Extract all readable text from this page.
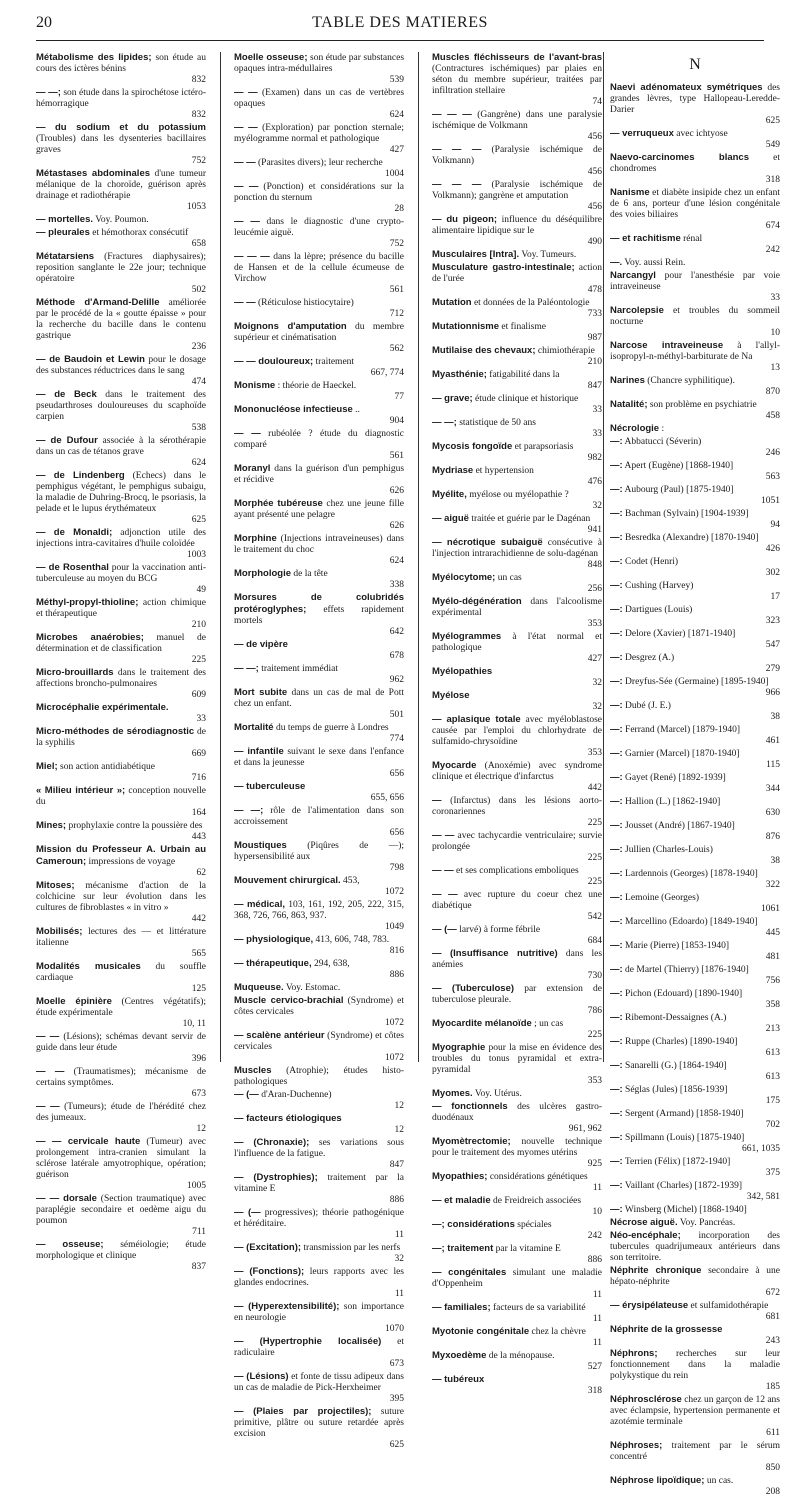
20	TABLE DES MATIERES
Métabolisme des lipides; son étude au cours des ictères bénins
832
— —; son étude dans la spirochétose ictéro-hémorragique
832
— du sodium et du potassium (Troubles) dans les dysenteries bacillaires graves
752
Métastases abdominales d'une tumeur mélanique de la choroïde, guérison après drainage et radiothérapie
1053
— mortelles. Voy. Poumon.
— pleurales et hémothorax consécutif
658
Métatarsiens (Fractures diaphysaires); reposition sanglante le 22e jour; technique opératoire
502
Méthode d'Armand-Delille améliorée par le procédé de la « goutte épaisse » pour la recherche du bacille dans le contenu gastrique
236
— de Baudoin et Lewin pour le dosage des substances réductrices dans le sang
474
— de Beck dans le traitement des pseudarthroses douloureuses du scaphoïde carpien
538
— de Dufour associée à la sérothérapie dans un cas de tétanos grave
624
— de Lindenberg (Echecs) dans le pemphigus végétant, le pemphigus subaigu, la maladie de Duhring-Brocq, le psoriasis, la pelade et le lupus érythémateux
625
— de Monaldi; adjonction utile des injections intra-cavitaires d'huile coloïdée
1003
— de Rosenthal pour la vaccination anti-tuberculeuse au moyen du BCG
49
Méthyl-propyl-thioline; action chimique et thérapeutique
210
Microbes anaérobies; manuel de détermination et de classification
225
Micro-brouillards dans le traitement des affections broncho-pulmonaires
609
Microcéphalie expérimentale.
33
Micro-méthodes de sérodiagnostic de la syphilis
669
Miel; son action antidiabétique
716
« Milieu intérieur »; conception nouvelle du
164
Mines; prophylaxie contre la poussière des
443
Mission du Professeur A. Urbain au Cameroun; impressions de voyage
62
Mitoses; mécanisme d'action de la colchicine sur leur évolution dans les cultures de fibroblastes « in vitro »
442
Mobilisés; lectures des — et littérature italienne
565
Modalités musicales du souffle cardiaque
125
Moelle épinière (Centres végétatifs); étude expérimentale
10, 11
— — (Lésions); schémas devant servir de guide dans leur étude
396
— — (Traumatismes); mécanisme de certains symptômes.
673
— — (Tumeurs); étude de l'hérédité chez des jumeaux.
12
— — cervicale haute (Tumeur) avec prolongement intra-cranien simulant la sclérose latérale amyotrophique, opération; guérison
1005
— — dorsale (Section traumatique) avec paraplégie secondaire et oedème aigu du poumon
711
— osseuse; séméiologie; étude morphologique et clinique
837
Moelle osseuse; son étude par substances opaques intra-médullaires
539
— — (Examen) dans un cas de vertèbres opaques
624
— — (Exploration) par ponction sternale; myélogramme normal et pathologique
427
— — (Parasites divers); leur recherche
1004
— — (Ponction) et considérations sur la ponction du sternum
28
— — dans le diagnostic d'une crypto-leucémie aiguë.
752
— — — dans la lèpre; présence du bacille de Hansen et de la cellule écumeuse de Virchow
561
— — (Réticulose histiocytaire)
712
Moignons d'amputation du membre supérieur et cinématisation
562
— — douloureux; traitement
667, 774
Monisme : théorie de Haeckel.
77
Mononucléose infectieuse ..
904
— — rubéolée ? étude du diagnostic comparé
561
Moranyl dans la guérison d'un pemphigus et récidive
626
Morphée tubéreuse chez une jeune fille ayant présenté une pelagre
626
Morphine (Injections intraveineuses) dans le traitement du choc
624
Morphologie de la tête
338
Morsures de colubridés protéroglyphes; effets rapidement mortels
642
— de vipère
678
— —; traitement immédiat
962
Mort subite dans un cas de mal de Pott chez un enfant.
501
Mortalité du temps de guerre à Londres
774
— infantile suivant le sexe dans l'enfance et dans la jeunesse
656
— tuberculeuse
655, 656
— —; rôle de l'alimentation dans son accroissement
656
Moustiques (Piqûres de —); hypersensibilité aux
798
Mouvement chirurgical. 453,
1072
— médical, 103, 161, 192, 205, 222, 315, 368, 726, 766, 863, 937.
1049
— physiologique, 413, 606, 748, 783.
816
— thérapeutique, 294, 638,
886
Muqueuse. Voy. Estomac.
Muscle cervico-brachial (Syndrome) et côtes cervicales
1072
— scalène antérieur (Syndrome) et côtes cervicales
1072
Muscles (Atrophie); études histo-pathologiques
— (— d'Aran-Duchenne)
12
— facteurs étiologiques
12
— (Chronaxie); ses variations sous l'influence de la fatigue.
847
— (Dystrophies); traitement par la vitamine E
886
— (— progressives); théorie pathogénique et héréditaire.
11
— (Excitation); transmission par les nerfs
32
— (Fonctions); leurs rapports avec les glandes endocrines.
11
— (Hyperextensibilité); son importance en neurologie
1070
— (Hypertrophie localisée) et radiculaire
673
— (Lésions) et fonte de tissu adipeux dans un cas de maladie de Pick-Herxheimer
395
— (Plaies par projectiles); suture primitive, plâtre ou suture retardée après excision
625
Muscles fléchisseurs de l'avant-bras (Contractures ischémiques) par plaies en séton du membre supérieur, traitées par infiltration stellaire
74
— — — (Gangrène) dans une paralysie ischémique de Volkmann
456
— — — (Paralysie ischémique de Volkmann)
456
— — — (Paralysie ischémique de Volkmann); gangrène et amputation
456
— du pigeon; influence du déséquilibre alimentaire lipidique sur le
490
Musculaires [Intra]. Voy. Tumeurs.
Musculature gastro-intestinale; action de l'urée
478
Mutation et données de la Paléontologie
733
Mutationnisme et finalisme
987
Mutilaise des chevaux; chimiothérapie
210
Myasthénie; fatigabilité dans la
847
— grave; étude clinique et historique
33
— —; statistique de 50 ans
33
Mycosis fongoïde et parapsoriasis
982
Mydriase et hypertension
476
Myélite, myélose ou myélopathie ?
32
— aiguë traitée et guérie par le Dagénan
941
— nécrotique subaiguë consécutive à l'injection intrarachidienne de solu-dagénan
848
Myélocytome; un cas
256
Myélo-dégénération dans l'alcoolisme expérimental
353
Myélogrammes à l'état normal et pathologique
427
Myélopathies
32
Myélose
32
— aplasique totale avec myéloblastose causée par l'emploi du chlorhydrate de sulfamido-chrysoïdine
353
Myocarde (Anoxémie) avec syndrome clinique et électrique d'infarctus
442
— (Infarctus) dans les lésions aorto-coronariennes
225
— — avec tachycardie ventriculaire; survie prolongée
225
— — et ses complications emboliques
225
— — avec rupture du coeur chez une diabétique
542
— (— larvé) à forme fébrile
684
— (Insuffisance nutritive) dans les anémies
730
— (Tuberculose) par extension de tuberculose pleurale.
786
Myocardite mélanoïde ; un cas
225
Myographie pour la mise en évidence des troubles du tonus pyramidal et extra-pyramidal
353
Myomes. Voy. Utérus.
— fonctionnels des ulcères gastro-duodénaux
961, 962
Myomètrectomie; nouvelle technique pour le traitement des myomes utérins
925
Myopathies; considérations génétiques
11
— et maladie de Freidreich associées
10
—; considérations spéciales
242
—; traitement par la vitamine E
886
— congénitales simulant une maladie d'Oppenheim
11
— familiales; facteurs de sa variabilité
11
Myotonie congénitale chez la chèvre
11
Myxoedème de la ménopause.
527
— tubéreux
318
N
Naevi adénomateux symétriques des grandes lèvres, type Hallopeau-Leredde-Darier
625
— verruqueux avec ichtyose
549
Naevo-carcinomes blancs	et chondromes
318
Nanisme et diabète insipide chez un enfant de 6 ans, porteur d'une lésion congénitale des voies biliaires
674
— et rachitisme rénal
242
—. Voy. aussi Rein.
Narcangyl pour l'anesthésie par voie intraveineuse
33
Narcolepsie et troubles du sommeil nocturne
10
Narcose intraveineuse à l'allyl-isopropyl-n-méthyl-barbiturate de Na
13
Narines (Chancre syphilitique).
870
Natalité; son problème en psychiatrie
458
Nécrologie :
—: Abbatucci (Séverin)
246
—: Apert (Eugène) [1868-1940]
563
—: Aubourg (Paul) [1875-1940]
1051
—: Bachman (Sylvain) [1904-1939]
94
—: Besredka (Alexandre) [1870-1940]
426
—: Codet (Henri)
302
—: Cushing (Harvey)
17
—: Dartigues (Louis)
323
—: Delore (Xavier) [1871-1940]
547
—: Desgrez (A.)
279
—: Dreyfus-Sée (Germaine) [1895-1940]
966
—: Dubé (J. E.)
38
—: Ferrand (Marcel) [1879-1940]
461
—: Garnier (Marcel) [1870-1940]
115
—: Gayet (René) [1892-1939]
344
—: Hallion (L.) [1862-1940]
630
—: Jousset (André) [1867-1940]
876
—: Jullien (Charles-Louis)
38
—: Lardennois (Georges) [1878-1940]
322
—: Lemoine (Georges)
1061
—: Marcellino (Edoardo) [1849-1940]
445
—: Marie (Pierre) [1853-1940]
481
—: de Martel (Thierry) [1876-1940]
756
—: Pichon (Edouard) [1890-1940]
358
—: Ribemont-Dessaignes (A.)
213
—: Ruppe (Charles) [1890-1940]
613
—: Sanarelli (G.) [1864-1940]
613
—: Séglas (Jules) [1856-1939]
175
—: Sergent (Armand) [1858-1940]
702
—: Spillmann (Louis) [1875-1940]
661, 1035
—: Terrien (Félix) [1872-1940]
375
—: Vaillant (Charles) [1872-1939]
342, 581
—: Winsberg (Michel) [1868-1940]
Nécrose aiguë. Voy. Pancréas.
Néo-encéphale; incorporation des tubercules quadrijumeaux antérieurs dans son territoire.
Néphrite chronique secondaire à une hépato-néphrite
672
— érysipélateuse et sulfamidothérapie
681
Néphrite de la grossesse
243
Néphrons; recherches sur leur fonctionnement dans la maladie polykystique du rein
185
Néphrosclérose chez un garçon de 12 ans avec éclampsie, hypertension permanente et azotémie terminale
611
Néphroses; traitement par le sérum concentré
850
Néphrose lipoïdique; un cas.
208
